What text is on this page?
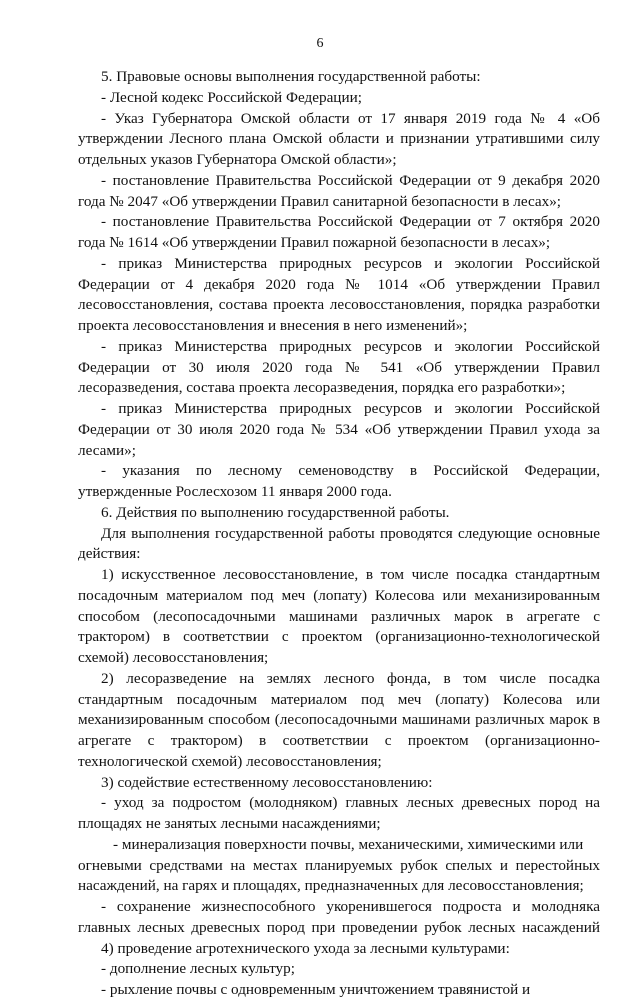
6
5. Правовые основы выполнения государственной работы:
- Лесной кодекс Российской Федерации;
- Указ Губернатора Омской области от 17 января 2019 года № 4 «Об
утверждении Лесного плана Омской области и признании утратившими силу
отдельных указов Губернатора Омской области»;
- постановление Правительства Российской Федерации от 9 декабря 2020
года № 2047 «Об утверждении Правил санитарной безопасности в лесах»;
- постановление Правительства Российской Федерации от 7 октября 2020
года № 1614 «Об утверждении Правил пожарной безопасности в лесах»;
- приказ Министерства природных ресурсов и экологии Российской
Федерации от 4 декабря 2020 года № 1014 «Об утверждении Правил
лесовосстановления, состава проекта лесовосстановления, порядка разработки
проекта лесовосстановления и внесения в него изменений»;
- приказ Министерства природных ресурсов и экологии Российской
Федерации от 30 июля 2020 года № 541 «Об утверждении Правил
лесоразведения, состава проекта лесоразведения, порядка его разработки»;
- приказ Министерства природных ресурсов и экологии Российской
Федерации от 30 июля 2020 года № 534 «Об утверждении Правил ухода за
лесами»;
- указания по лесному семеноводству в Российской Федерации,
утвержденные Рослесхозом 11 января 2000 года.
6. Действия по выполнению государственной работы.
Для выполнения государственной работы проводятся следующие основные
действия:
1) искусственное лесовосстановление, в том числе посадка стандартным
посадочным материалом под меч (лопату) Колесова или механизированным
способом (лесопосадочными машинами различных марок в агрегате с
трактором) в соответствии с проектом (организационно-технологической
схемой) лесовосстановления;
2) лесоразведение на землях лесного фонда, в том числе посадка
стандартным посадочным материалом под меч (лопату) Колесова или
механизированным способом (лесопосадочными машинами различных марок в
агрегате с трактором) в соответствии с проектом (организационно-
технологической схемой) лесовосстановления;
3) содействие естественному лесовосстановлению:
- уход за подростом (молодняком) главных лесных древесных пород на
площадях не занятых лесными насаждениями;
- минерализация поверхности почвы, механическими, химическими или
огневыми средствами на местах планируемых рубок спелых и перестойных
насаждений, на гарях и площадях, предназначенных для лесовосстановления;
- сохранение жизнеспособного укоренившегося подроста и молодняка
главных лесных древесных пород при проведении рубок лесных насаждений
4) проведение агротехнического ухода за лесными культурами:
- дополнение лесных культур;
- рыхление почвы с одновременным уничтожением травянистой и
